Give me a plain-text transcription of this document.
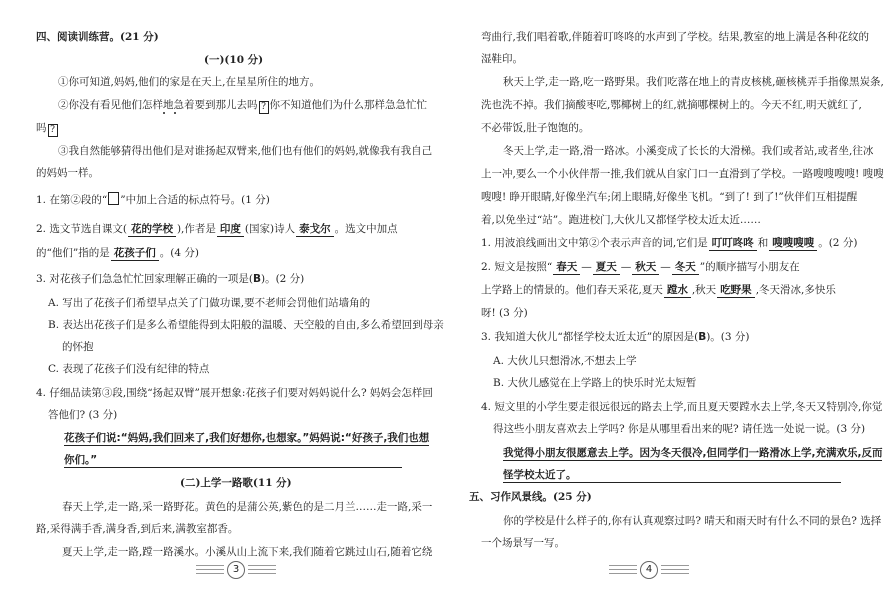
四、阅读训练营。(21 分)
(一)(10 分)
①你可知道,妈妈,他们的家是在天上,在星星所住的地方。
②你没有看见他们怎样地急着要到那儿去吗 ? 你不知道他们为什么那样急急忙忙
吗 ?
③我自然能够猜得出他们是对谁扬起双臂来,他们也有他们的妈妈,就像我有我自己
的妈妈一样。
1. 在第②段的“ ”中加上合适的标点符号。(1 分)
2. 选文节选自课文( 花的学校 ),作者是 印度 (国家)诗人 泰戈尔 。选文中加点
的“他们”指的是 花孩子们 。(4 分)
3. 对花孩子们急急忙忙回家理解正确的一项是(B)。(2 分)
A. 写出了花孩子们希望早点关了门做功课,要不老师会罚他们站墙角的
B. 表达出花孩子们是多么希望能得到太阳般的温暖、天空般的自由,多么希望回到母亲
的怀抱
C. 表现了花孩子们没有纪律的特点
4. 仔细品读第③段,围绕“扬起双臂”展开想象:花孩子们要对妈妈说什么? 妈妈会怎样回
答他们? (3 分)
花孩子们说:“妈妈,我们回来了,我们好想你,也想家。”妈妈说:“好孩子,我们也想
你们。”
(二)上学一路歌(11 分)
春天上学,走一路,采一路野花。黄色的是蒲公英,紫色的是二月兰……走一路,采一
路,采得满手香,满身香,到后来,满教室都香。
夏天上学,走一路,蹚一路溪水。小溪从山上流下来,我们随着它跳过山石,随着它绕
3
弯曲行,我们唱着歌,伴随着叮咚咚的水声到了学校。结果,教室的地上满是各种花纹的
湿鞋印。
秋天上学,走一路,吃一路野果。我们吃落在地上的青皮核桃,砸核桃弄手指像黑炭条,
洗也洗不掉。我们摘酸枣吃,鄂椰树上的红,就摘哪棵树上的。今天不红,明天就红了,
不必带饭,肚子饱饱的。
冬天上学,走一路,滑一路冰。小溪变成了长长的大滑梯。我们或者站,或者坐,往冰
上一冲,要么一个小伙伴帮一推,我们就从自家门口一直滑到了学校。一路嗖嗖嗖嗖! 嗖嗖
嗖嗖! 睁开眼睛,好像坐汽车;闭上眼睛,好像坐飞机。“到了! 到了!”伙伴们互相提醒
着,以免坐过“站”。跑进校门,大伙儿又都怪学校太近太近……
1. 用波浪线画出文中第②个表示声音的词,它们是 叮叮咚咚 和 嗖嗖嗖嗖 。(2 分)
2. 短文是按照“ 春天 — 夏天 — 秋天 — 冬天 ”的顺序描写小朋友在
上学路上的情景的。他们春天采花,夏天 蹚水 ,秋天 吃野果 ,冬天滑冰,多快乐
呀! (3 分)
3. 我知道大伙儿“都怪学校太近太近”的原因是(B)。(3 分)
A. 大伙儿只想滑冰,不想去上学
B. 大伙儿感觉在上学路上的快乐时光太短暂
4. 短文里的小学生要走很远很远的路去上学,而且夏天要蹚水去上学,冬天又特别冷,你觉
得这些小朋友喜欢去上学吗? 你是从哪里看出来的呢? 请任选一处说一说。(3 分)
我觉得小朋友很愿意去上学。因为冬天很冷,但同学们一路滑冰上学,充满欢乐,反而
怪学校太近了。
五、习作风景线。(25 分)
你的学校是什么样子的,你有认真观察过吗? 晴天和雨天时有什么不同的景色? 选择
一个场景写一写。
4
